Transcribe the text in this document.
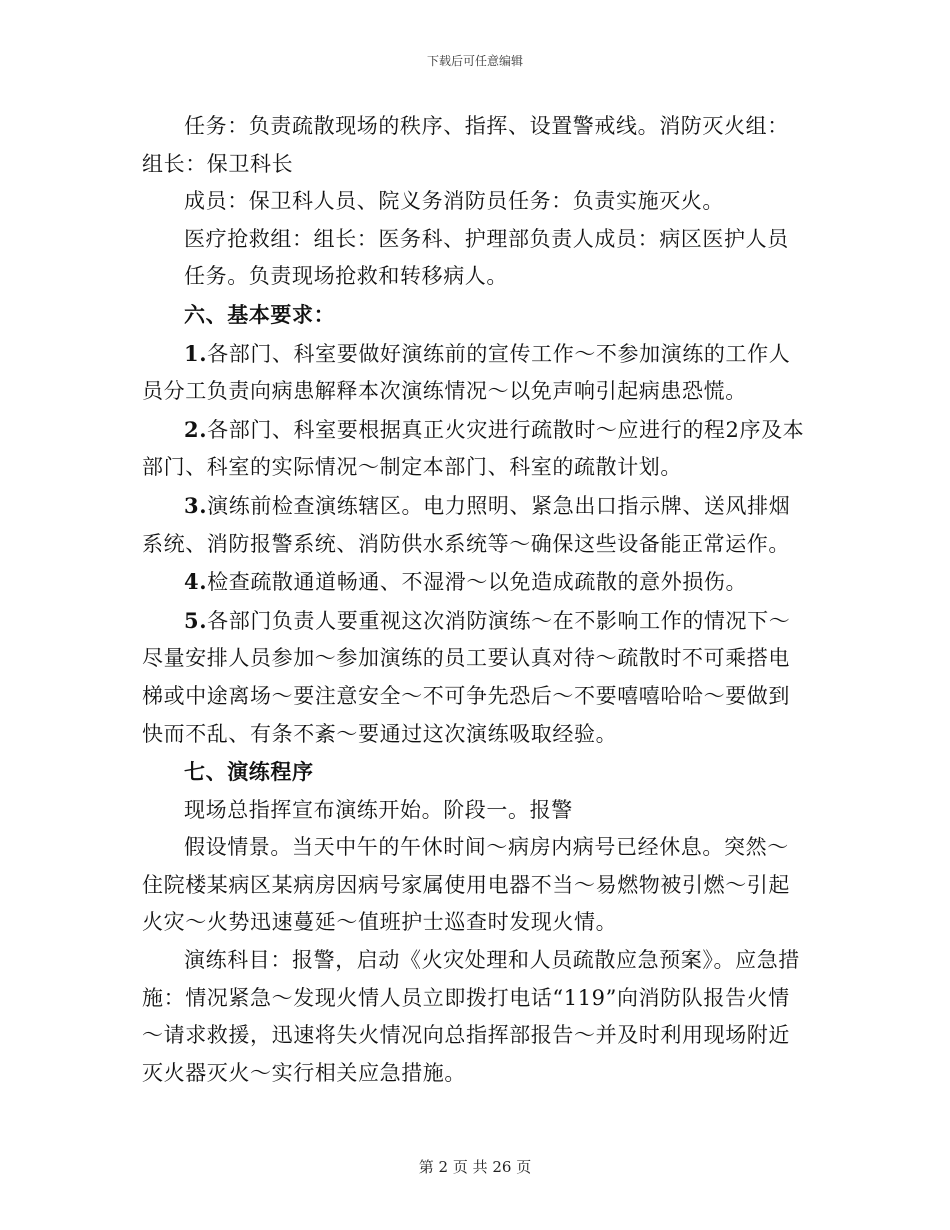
下载后可任意编辑

任务：负责疏散现场的秩序、指挥、设置警戒线。消防灭火组：

组长：保卫科长

成员：保卫科人员、院义务消防员任务：负责实施灭火。

医疗抢救组：组长：医务科、护理部负责人成员：病区医护人员

任务。负责现场抢救和转移病人。

六、基本要求：

1.各部门、科室要做好演练前的宣传工作～不参加演练的工作人员分工负责向病患解释本次演练情况～以免声响引起病患恐慌。

2.各部门、科室要根据真正火灾进行疏散时～应进行的程2序及本部门、科室的实际情况～制定本部门、科室的疏散计划。

3.演练前检查演练辖区。电力照明、紧急出口指示牌、送风排烟系统、消防报警系统、消防供水系统等～确保这些设备能正常运作。

4.检查疏散通道畅通、不湿滑～以免造成疏散的意外损伤。

5.各部门负责人要重视这次消防演练～在不影响工作的情况下～尽量安排人员参加～参加演练的员工要认真对待～疏散时不可乘搭电梯或中途离场～要注意安全～不可争先恐后～不要嘻嘻哈哈～要做到快而不乱、有条不紊～要通过这次演练吸取经验。

七、演练程序

现场总指挥宣布演练开始。阶段一。报警

假设情景。当天中午的午休时间～病房内病号已经休息。突然～住院楼某病区某病房因病号家属使用电器不当～易燃物被引燃～引起火灾～火势迅速蔓延～值班护士巡查时发现火情。

演练科目：报警，启动《火灾处理和人员疏散应急预案》。应急措施：情况紧急～发现火情人员立即拨打电话“119”向消防队报告火情～请求救援，迅速将失火情况向总指挥部报告～并及时利用现场附近灭火器灭火～实行相关应急措施。

第 2 页 共 26 页
